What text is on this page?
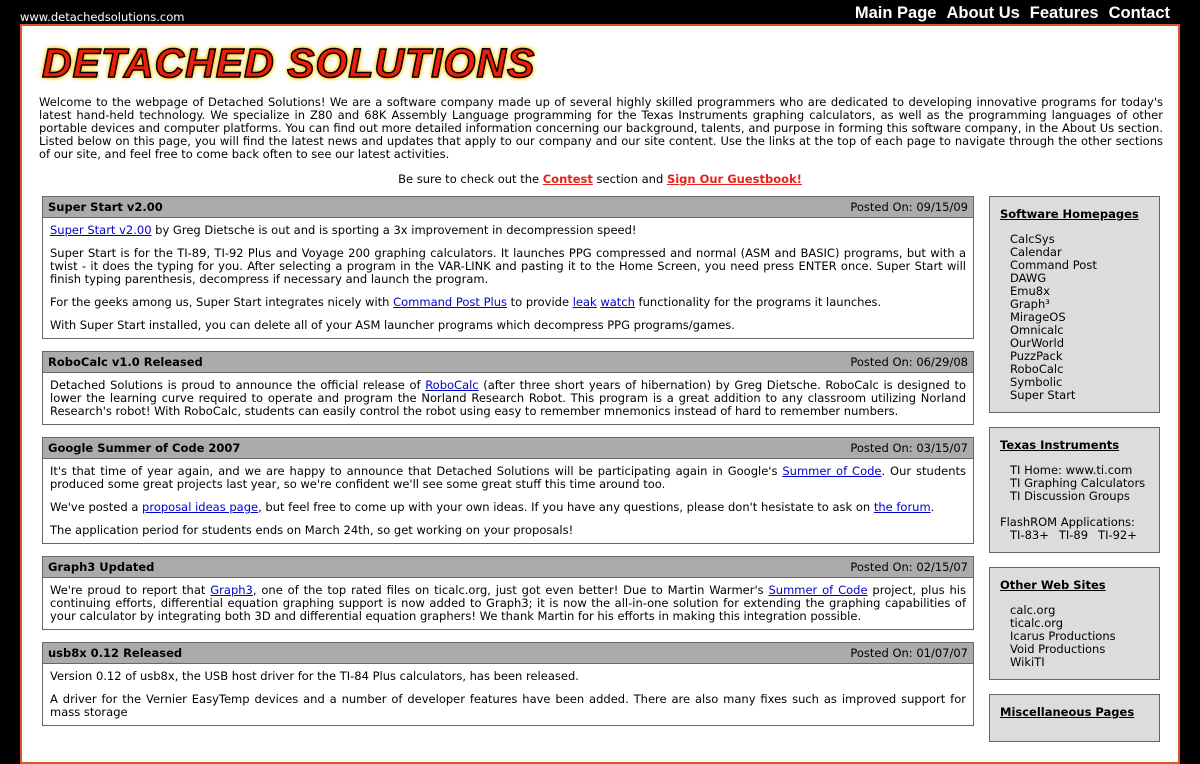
www.detachedsolutions.com	Main Page About Us Features Contact
DETACHED SOLUTIONS

Welcome to the webpage of Detached Solutions! We are a software company made up of several highly skilled programmers who are dedicated to developing innovative programs for today's latest hand-held technology. We specialize in Z80 and 68K Assembly Language programming for the Texas Instruments graphing calculators, as well as the programming languages of other portable devices and computer platforms. You can find out more detailed information concerning our background, talents, and purpose in forming this software company, in the About Us section. Listed below on this page, you will find the latest news and updates that apply to our company and our site content. Use the links at the top of each page to navigate through the other sections of our site, and feel free to come back often to see our latest activities.

Be sure to check out the Contest section and Sign Our Guestbook!
Super Start v2.00	Posted On: 09/15/09

Super Start v2.00 by Greg Dietsche is out and is sporting a 3x improvement in decompression speed!

Super Start is for the TI-89, TI-92 Plus and Voyage 200 graphing calculators. It launches PPG compressed and normal (ASM and BASIC) programs, but with a twist - it does the typing for you. After selecting a program in the VAR-LINK and pasting it to the Home Screen, you need press ENTER once. Super Start will finish typing parenthesis, decompress if necessary and launch the program.

For the geeks among us, Super Start integrates nicely with Command Post Plus to provide leak watch functionality for the programs it launches.

With Super Start installed, you can delete all of your ASM launcher programs which decompress PPG programs/games.

RoboCalc v1.0 Released	Posted On: 06/29/08

Detached Solutions is proud to announce the official release of RoboCalc (after three short years of hibernation) by Greg Dietsche. RoboCalc is designed to lower the learning curve required to operate and program the Norland Research Robot. This program is a great addition to any classroom utilizing Norland Research's robot! With RoboCalc, students can easily control the robot using easy to remember mnemonics instead of hard to remember numbers.

Google Summer of Code 2007	Posted On: 03/15/07

It's that time of year again, and we are happy to announce that Detached Solutions will be participating again in Google's Summer of Code. Our students produced some great projects last year, so we're confident we'll see some great stuff this time around too.

We've posted a proposal ideas page, but feel free to come up with your own ideas. If you have any questions, please don't hesistate to ask on the forum.

The application period for students ends on March 24th, so get working on your proposals!

Graph3 Updated	Posted On: 02/15/07

We're proud to report that Graph3, one of the top rated files on ticalc.org, just got even better! Due to Martin Warmer's Summer of Code project, plus his continuing efforts, differential equation graphing support is now added to Graph3; it is now the all-in-one solution for extending the graphing capabilities of your calculator by integrating both 3D and differential equation graphers! We thank Martin for his efforts in making this integration possible.

usb8x 0.12 Released	Posted On: 01/07/07

Version 0.12 of usb8x, the USB host driver for the TI-84 Plus calculators, has been released.

A driver for the Vernier EasyTemp devices and a number of developer features have been added. There are also many fixes such as improved support for mass storage

Software Homepages
CalcSys
Calendar
Command Post
DAWG
Emu8x
Graph³
MirageOS
Omnicalc
OurWorld
PuzzPack
RoboCalc
Symbolic
Super Start
Texas Instruments
TI Home: www.ti.com
TI Graphing Calculators
TI Discussion Groups
FlashROM Applications:
TI-83+ TI-89 TI-92+
Other Web Sites
calc.org
ticalc.org
Icarus Productions
Void Productions
WikiTI
Miscellaneous Pages
